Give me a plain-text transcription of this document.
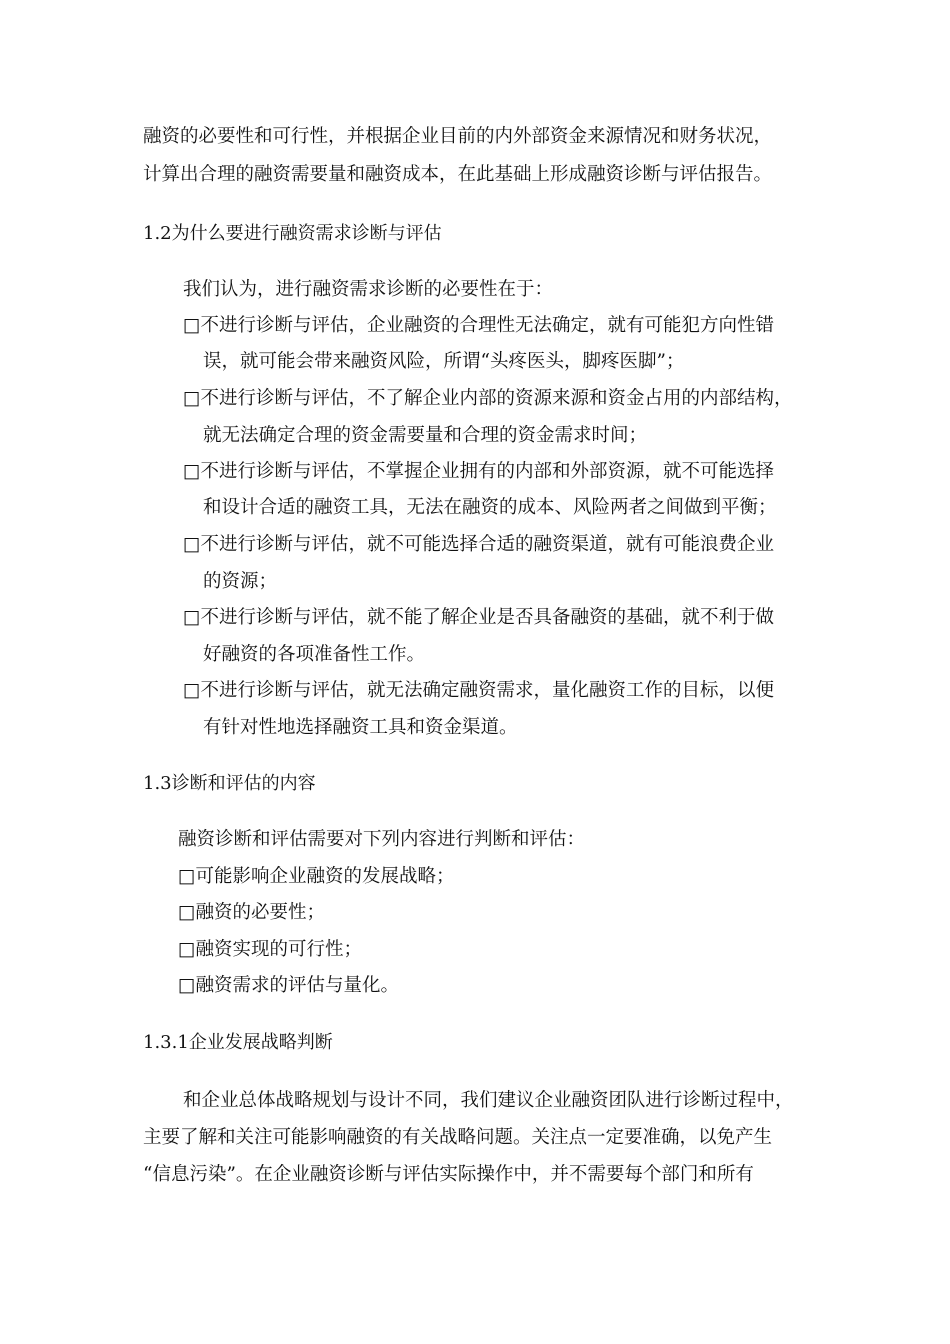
融资的必要性和可行性，并根据企业目前的内外部资金来源情况和财务状况，
计算出合理的融资需要量和融资成本，在此基础上形成融资诊断与评估报告。
1.2为什么要进行融资需求诊断与评估
我们认为，进行融资需求诊断的必要性在于：
□不进行诊断与评估，企业融资的合理性无法确定，就有可能犯方向性错
误，就可能会带来融资风险，所谓“头疼医头，脚疼医脚”；
□不进行诊断与评估，不了解企业内部的资源来源和资金占用的内部结构，
就无法确定合理的资金需要量和合理的资金需求时间；
□不进行诊断与评估，不掌握企业拥有的内部和外部资源，就不可能选择
和设计合适的融资工具，无法在融资的成本、风险两者之间做到平衡；
□不进行诊断与评估，就不可能选择合适的融资渠道，就有可能浪费企业
的资源；
□不进行诊断与评估，就不能了解企业是否具备融资的基础，就不利于做
好融资的各项准备性工作。
□不进行诊断与评估，就无法确定融资需求，量化融资工作的目标，以便
有针对性地选择融资工具和资金渠道。
1.3诊断和评估的内容
融资诊断和评估需要对下列内容进行判断和评估：
□可能影响企业融资的发展战略；
□融资的必要性；
□融资实现的可行性；
□融资需求的评估与量化。
1.3.1企业发展战略判断
和企业总体战略规划与设计不同，我们建议企业融资团队进行诊断过程中，
主要了解和关注可能影响融资的有关战略问题。关注点一定要准确，以免产生
“信息污染”。在企业融资诊断与评估实际操作中，并不需要每个部门和所有
